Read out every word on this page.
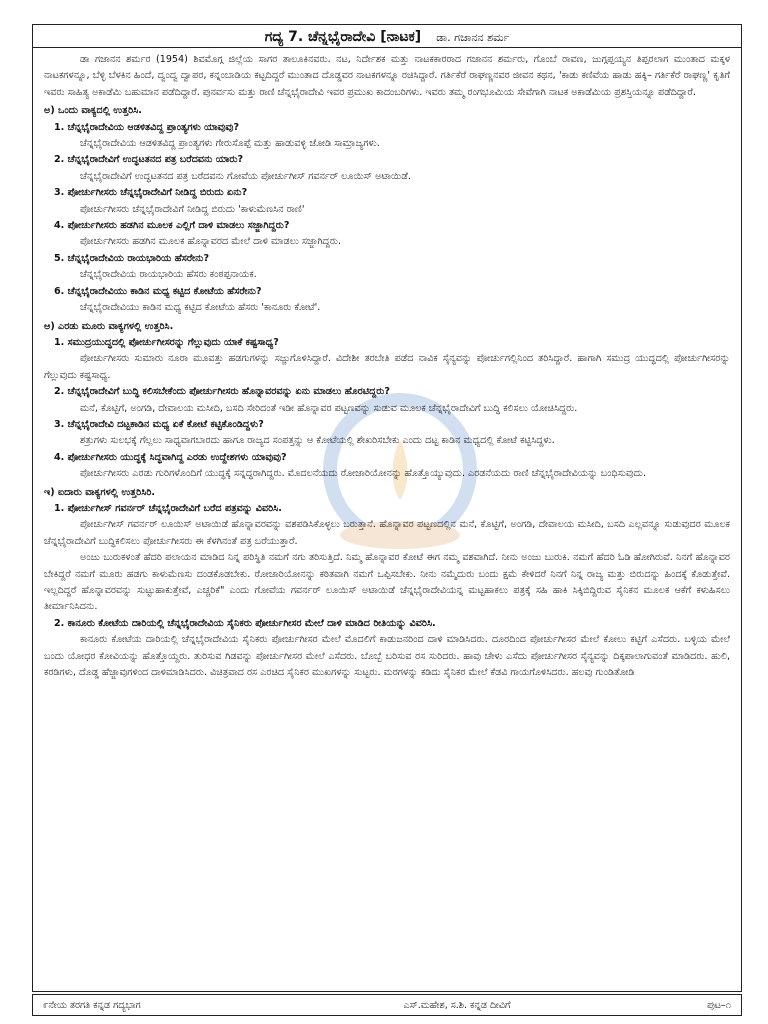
ಗದ್ಯ 7. ಚೆನ್ನಭೈರಾದೇವಿ [ನಾಟಕ] ಡಾ. ಗಜಾನನ ಶರ್ಮ

ಡಾ ಗಜಾನನ ಶರ್ಮರ (1954) ಶಿವಮೊಗ್ಗ ಜಿಲ್ಲೆಯ ಸಾಗರ ತಾಲೂಕಿನವರು. ನಟ, ನಿರ್ದೇಶಕ ಮತ್ತು ನಾಟಕಕಾರರಾದ ಗಜಾನನ ಶರ್ಮರು, ಗೊಂಬೆ ರಾವಣ, ಜುಗ್ಗಪ್ಪಯ್ಯನ ತಿಪ್ಪರಲಾಗ ಮುಂತಾದ ಮಕ್ಕಳ ನಾಟಕಗಳನ್ನೂ, ಬೆಳ್ಳಿ ಬೆಳಕಿನ ಹಿಂದೆ, ದ್ವಂದ್ವ ದ್ವಾಪರ, ಕನ್ನಂಬಾಡಿಯ ಕಟ್ಟದಿದ್ದರೆ ಮುಂತಾದ ದೊಡ್ಡವರ ನಾಟಕಗಳನ್ನೂ ರಚಿಸಿದ್ದಾರೆ. ಗರ್ತಿಕೆರೆ ರಾಘಣ್ಣನವರ ಜೀವನ ಕಥನ, 'ಕಾಡು ಕಣಿವೆಯ ಹಾಡು ಹಕ್ಕಿ– ಗರ್ತಿಕೆರೆ ರಾಘಣ್ಣ' ಕೃತಿಗೆ ಇವರು ಸಾಹಿತ್ಯ ಅಕಾಡೆಮಿ ಬಹುಮಾನ ಪಡೆದಿದ್ದಾರೆ. ಪುನರ್ವಸು ಮತ್ತು ರಾಣಿ ಚೆನ್ನಭೈರಾದೇವಿ ಇವರ ಪ್ರಮುಖ ಕಾದಂಬರಿಗಳು. ಇವರು ತಮ್ಮ ರಂಗಭೂಮಿಯ ಸೇವೆಗಾಗಿ ನಾಟಕ ಅಕಾಡೆಮಿಯ ಪ್ರಶಸ್ತಿಯನ್ನೂ ಪಡೆದಿದ್ದಾರೆ.

ಅ) ಒಂದು ವಾಕ್ಯದಲ್ಲಿ ಉತ್ತರಿಸಿ.
1. ಚೆನ್ನಭೈರಾದೇವಿಯ ಆಡಳಿತವಿದ್ದ ಪ್ರಾಂತ್ಯಗಳು ಯಾವುವು?
ಚೆನ್ನಭೈರಾದೇವಿಯ ಆಡಳಿತವಿದ್ದ ಪ್ರಾಂತ್ಯಗಳು ಗೇರುಸೊಪ್ಪೆ ಮತ್ತು ಹಾಡುವಳ್ಳಿ ಜೋಡಿ ಸಾಮ್ರಾಜ್ಯಗಳು.
2. ಚೆನ್ನಭೈರಾದೇವಿಗೆ ಉದ್ಧಟತನದ ಪತ್ರ ಬರೆದವನು ಯಾರು?
ಚೆನ್ನಭೈರಾದೇವಿಗೆ ಉದ್ಧಟತನದ ಪತ್ರ ಬರೆದವನು ಗೋವೆಯ ಪೋರ್ಚುಗೀಸ್ ಗವರ್ನರ್ ಲೂಯಿಸ್ ಅಟಾಯಿಡೆ.
3. ಪೋರ್ಚುಗೀಸರು ಚೆನ್ನಭೈರಾದೇವಿಗೆ ನೀಡಿದ್ದ ಬಿರುದು ಏನು?
ಪೋರ್ಚುಗೀಸರು ಚೆನ್ನಭೈರಾದೇವಿಗೆ ನೀಡಿದ್ದ ಬಿರುದು 'ಕಾಳುಮೆಣಸಿನ ರಾಣಿ'
4. ಪೋರ್ಚುಗೀಸರು ಹಡಗಿನ ಮೂಲಕ ಎಲ್ಲಿಗೆ ದಾಳಿ ಮಾಡಲು ಸಜ್ಜಾಗಿದ್ದರು?
ಪೋರ್ಚುಗೀಸರು ಹಡಗಿನ ಮೂಲಕ ಹೊನ್ನಾವರದ ಮೇಲೆ ದಾಳಿ ಮಾಡಲು ಸಜ್ಜಾಗಿದ್ದರು.
5. ಚೆನ್ನಭೈರಾದೇವಿಯ ರಾಯಭಾರಿಯ ಹೆಸರೇನು?
ಚೆನ್ನಭೈರಾದೇವಿಯ ರಾಯಭಾರಿಯ ಹೆಸರು ಕಂಠಪ್ಪನಾಯಕ.
6. ಚೆನ್ನಭೈರಾದೇವಿಯು ಕಾಡಿನ ಮಧ್ಯ ಕಟ್ಟಿದ ಕೋಟೆಯ ಹೆಸರೇನು?
ಚೆನ್ನಭೈರಾದೇವಿಯು ಕಾಡಿನ ಮಧ್ಯ ಕಟ್ಟಿದ ಕೋಟೆಯ ಹೆಸರು 'ಕಾನೂರು ಕೋಟೆ'.
ಆ) ಎರಡು ಮೂರು ವಾಕ್ಯಗಳಲ್ಲಿ ಉತ್ತರಿಸಿ.
1. ಸಮುದ್ರಯುದ್ಧದಲ್ಲಿ ಪೋರ್ಚುಗೀಸರನ್ನು ಗೆಲ್ಲುವುದು ಯಾಕೆ ಕಷ್ಟಸಾಧ್ಯ?

ಪೋರ್ಚುಗೀಸರು ಸುಮಾರು ನೂರಾ ಮೂವತ್ತು ಹಡಗುಗಳನ್ನು ಸಜ್ಜುಗೊಳಿಸಿದ್ದಾರೆ. ವಿದೇಶೀ ತರಬೇತಿ ಪಡೆದ ನಾವಿಕ ಸೈನ್ಯವನ್ನು ಪೋರ್ಚುಗಲ್ಲಿನಿಂದ ತರಿಸಿದ್ದಾರೆ. ಹಾಗಾಗಿ ಸಮುದ್ರ ಯುದ್ಧದಲ್ಲಿ ಪೋರ್ಚುಗೀಸರನ್ನು ಗೆಲ್ಲುವುದು ಕಷ್ಟಸಾಧ್ಯ.

2. ಚೆನ್ನಭೈರಾದೇವಿಗೆ ಬುದ್ಧಿ ಕಲಿಸಬೇಕೆಂದು ಪೋರ್ಚುಗೀಸರು ಹೊನ್ನಾವರವನ್ನು ಏನು ಮಾಡಲು ಹೊರಟಿದ್ದರು?

ಮನೆ, ಕೊಟ್ಟಿಗೆ, ಅಂಗಡಿ, ದೇವಾಲಯ ಮಸೀದಿ, ಬಸದಿ ಸೇರಿದಂತೆ ಇಡೀ ಹೊನ್ನಾವರ ಪಟ್ಟಣವನ್ನು ಸುಡುವ ಮೂಲಕ ಚೆನ್ನಭೈರಾದೇವಿಗೆ ಬುದ್ಧಿ ಕಲಿಸಲು ಯೋಚಿಸಿದ್ದರು.

3. ಚೆನ್ನಭೈರಾದೇವಿ ದಟ್ಟಕಾಡಿನ ಮಧ್ಯ ಏಕೆ ಕೋಟೆ ಕಟ್ಟಿಕೊಂಡಿದ್ದಳು?

ಶತ್ರುಗಳು ಸುಲಭಕ್ಕೆ ಗೆಲ್ಲಲು ಸಾಧ್ಯವಾಗಬಾರದು ಹಾಗೂ ರಾಜ್ಯದ ಸಂಪತ್ತನ್ನು ಆ ಕೋಟೆಯಲ್ಲಿ ಶೇಖರಿಸಬೇಕು ಎಂದು ದಟ್ಟ ಕಾಡಿನ ಮಧ್ಯದಲ್ಲಿ ಕೋಟೆ ಕಟ್ಟಿಸಿದ್ದಳು.

4. ಪೋರ್ಚುಗೀಸರು ಯುದ್ಧಕ್ಕೆ ಸಿದ್ಧವಾಗಿದ್ದ ಎರಡು ಉದ್ದೇಶಗಳು ಯಾವುವು?

ಪೋರ್ಚುಗೀಸರು ಎರಡು ಗುರಿಗಳೊಂದಿಗೆ ಯುದ್ಧಕ್ಕೆ ಸನ್ನದ್ಧರಾಗಿದ್ದರು. ಮೊದಲನೆಯದು ರೋಜಾರಿಯೋನನ್ನು ಹೊತ್ತೊಯ್ಯುವುದು. ಎರಡನೆಯದು ರಾಣಿ ಚೆನ್ನಭೈರಾದೇವಿಯನ್ನು ಬಂಧಿಸುವುದು.

ಇ) ಐದಾರು ವಾಕ್ಯಗಳಲ್ಲಿ ಉತ್ತರಿಸಿರಿ.
1. ಪೋರ್ಚುಗೀಸ್ ಗವರ್ನರ್ ಚೆನ್ನಭೈರಾದೇವಿಗೆ ಬರೆದ ಪತ್ರವನ್ನು ವಿವರಿಸಿ.

ಪೋರ್ಚುಗೀಸ್ ಗವರ್ನರ್ ಲೂಯಿಸ್ ಅಟಾಯಿಡೆ ಹೊನ್ನಾವರವನ್ನು ವಶಪಡಿಸಿಕೊಳ್ಳಲು ಬರುತ್ತಾನೆ. ಹೊನ್ನಾವರ ಪಟ್ಟಣದಲ್ಲಿನ ಮನೆ, ಕೊಟ್ಟಿಗೆ, ಅಂಗಡಿ, ದೇವಾಲಯ ಮಸೀದಿ, ಬಸದಿ ಎಲ್ಲವನ್ನೂ ಸುಡುವುದರ ಮೂಲಕ ಚೆನ್ನಭೈರಾದೇವಿಗೆ ಬುದ್ಧಿಕಲಿಸಲು ಪೋರ್ಚುಗೀಸರು ಈ ಕೆಳಗಿನಂತೆ ಪತ್ರ ಬರೆಯುತ್ತಾರೆ.

ಅಂಜು ಬುರುಕಳಂತೆ ಹೆದರಿ ಪಲಾಯನ ಮಾಡಿದ ನಿನ್ನ ಪರಿಸ್ಥಿತಿ ನಮಗೆ ನಗು ತರಿಸುತ್ತಿದೆ. ನಿಮ್ಮ ಹೊನ್ನಾವರ ಕೋಟೆ ಈಗ ನಮ್ಮ ವಶವಾಗಿದೆ. ನೀನು ಅಂಜು ಬುರುಕಿ. ನಮಗೆ ಹೆದರಿ ಓಡಿ ಹೋಗಿರುವೆ. ನಿನಗೆ ಹೊನ್ನಾವರ ಬೇಕಿದ್ದರೆ ನಮಗೆ ಮೂರು ಹಡಗು ಕಾಳುಮೆಣಸು ದಂಡಕೊಡಬೇಕು. ರೋಜಾರಿಯೋನನ್ನು ಕಠಿತವಾಗಿ ನಮಗೆ ಒಪ್ಪಿಸಬೇಕು. ನೀನು ನಮ್ಮೆದುರು ಬಂದು ಕ್ಷಮೆ ಕೇಳಿದರೆ ನಿನಗೆ ನಿನ್ನ ರಾಜ್ಯ ಮತ್ತು ಬಿರುದನ್ನು ಹಿಂದಕ್ಕೆ ಕೊಡುತ್ತೇವೆ. ಇಲ್ಲದಿದ್ದರೆ ಹೊನ್ನಾವರವನ್ನು ಸುಟ್ಟುಹಾಕುತ್ತೇವೆ, ಎಚ್ಚರಿಕೆ" ಎಂದು ಗೋವೆಯ ಗವರ್ನರ್ ಲೂಯಿಸ್ ಅಟಾಯಿಡೆ ಚೆನ್ನಭೈರಾದೇವಿಯನ್ನ ಮಟ್ಟಹಾಕಲು ಪತ್ರಕ್ಕೆ ಸಹಿ ಹಾಕಿ ಸಿಕ್ಕಿಬಿದ್ದಿರುವ ಸೈನಿಕನ ಮೂಲಕ ಆಕೆಗೆ ಕಳುಹಿಸಲು ತೀರ್ಮಾನಿಸಿದನು.

2. ಕಾನೂರು ಕೋಟೆಯ ದಾರಿಯಲ್ಲಿ ಚೆನ್ನಭೈರಾದೇವಿಯ ಸೈನಿಕರು ಪೋರ್ಚುಗೀಸರ ಮೇಲೆ ದಾಳಿ ಮಾಡಿದ ರೀತಿಯನ್ನು ವಿವರಿಸಿ.

ಕಾನೂರು ಕೋಟೆಯ ದಾರಿಯಲ್ಲಿ ಚೆನ್ನಭೈರಾದೇವಿಯ ಸೈನಿಕರು ಪೋರ್ಚುಗೀಸರ ಮೇಲೆ ಮೊದಲಿಗೆ ಕಾಡುಜನರಿಂದ ದಾಳಿ ಮಾಡಿಸಿದರು. ದೂರದಿಂದ ಪೋರ್ಚುಗೀಸರ ಮೇಲೆ ಕೋಲು ಕಟ್ಟಿಗೆ ಎಸೆದರು. ಬಳ್ಳಿಯ ಮೇಲೆ ಬಂದು ಯೋಧರ ಕೋವಿಯನ್ನು ಹೊತ್ತೊಯ್ದರು. ತುರಿಸುವ ಗಿಡವನ್ನು ಪೋರ್ಚುಗೀಸರ ಮೇಲೆ ಎಸೆದರು. ಬೊಬ್ಬೆ ಬರಿಸುವ ರಸ ಸುರಿದರು. ಹಾವು ಚೇಳು ಎಸೆದು ಪೋರ್ಚುಗೀಸರ ಸೈನ್ಯವನ್ನು ದಿಕ್ಕಪಾಲಾಗುವಂತೆ ಮಾಡಿದರು. ಹುಲಿ, ಕರಡಿಗಳು, ದೊಡ್ಡ ಹೆಜ್ಜಾವುಗಳಿಂದ ದಾಳಿಮಾಡಿಸಿದರು. ವಿಚಿತ್ರವಾದ ರಸ ಎರಚಿದ ಸೈನಿಕರ ಮುಖಗಳನ್ನು ಸುಟ್ಟರು. ಮರಗಳನ್ನು ಕಡಿದು ಸೈನಿಕರ ಮೇಲೆ ಕೆಡವಿ ಗಾಯಗೊಳಿಸಿದರು. ಹಲವು ಗುಂಡಿತೋಡಿ

೯ನೇಯ ತರಗತಿ ಕನ್ನಡ ಗದ್ಯಭಾಗ	ಎಸ್.ಮಹೇಶ, ಸ.ಶಿ. ಕನ್ನಡ ದೀವಿಗೆ	ಪುಟ–೧
